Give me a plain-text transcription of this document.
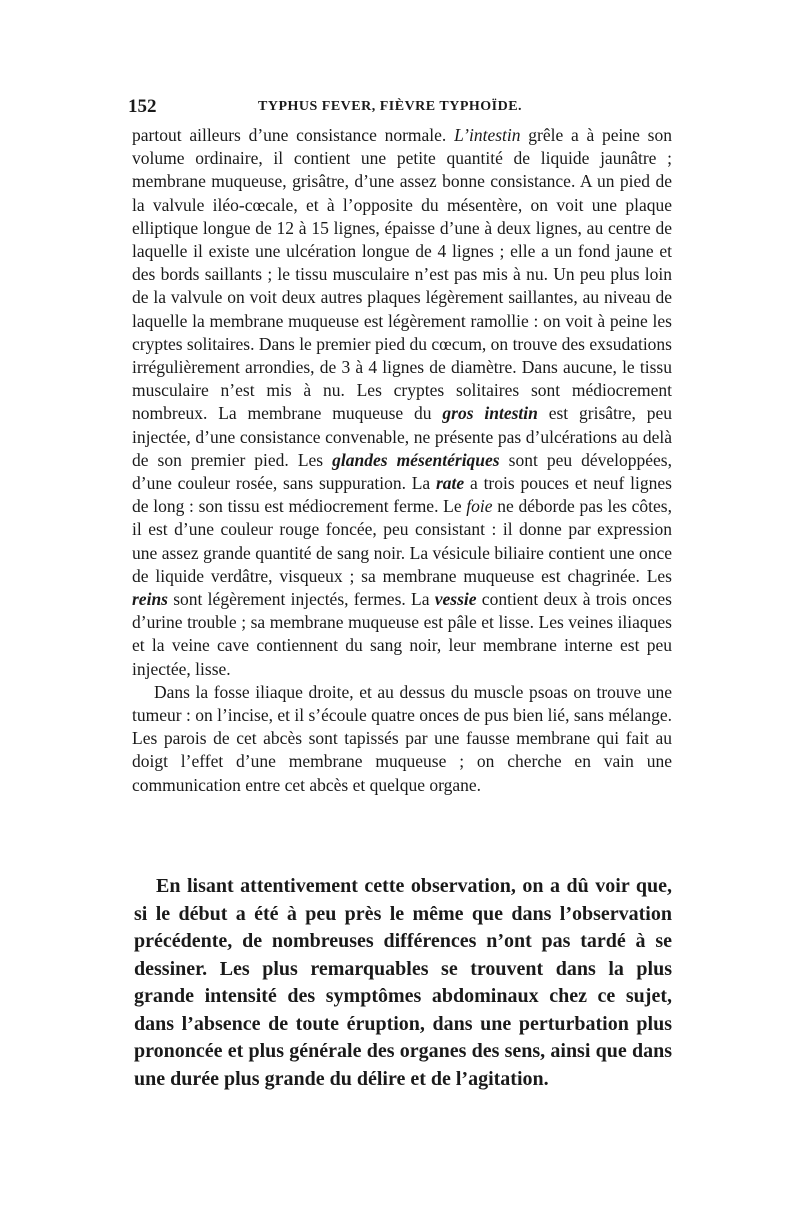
152	TYPHUS FEVER, FIÈVRE TYPHOÏDE.

partout ailleurs d’une consistance normale. L’intestin grêle a à peine son volume ordinaire, il contient une petite quantité de liquide jaunâtre ; membrane muqueuse, grisâtre, d’une assez bonne consistance. A un pied de la valvule iléo-cœcale, et à l’opposite du mésentère, on voit une plaque elliptique longue de 12 à 15 lignes, épaisse d’une à deux lignes, au centre de laquelle il existe une ulcération longue de 4 lignes ; elle a un fond jaune et des bords saillants ; le tissu musculaire n’est pas mis à nu. Un peu plus loin de la valvule on voit deux autres plaques légèrement saillantes, au niveau de laquelle la membrane muqueuse est légèrement ramollie : on voit à peine les cryptes solitaires. Dans le premier pied du cœcum, on trouve des exsudations irrégulièrement arrondies, de 3 à 4 lignes de diamètre. Dans aucune, le tissu musculaire n’est mis à nu. Les cryptes solitaires sont médiocrement nombreux. La membrane muqueuse du gros intestin est grisâtre, peu injectée, d’une consistance convenable, ne présente pas d’ulcérations au delà de son premier pied. Les glandes mésentériques sont peu développées, d’une couleur rosée, sans suppuration. La rate a trois pouces et neuf lignes de long : son tissu est médiocrement ferme. Le foie ne déborde pas les côtes, il est d’une couleur rouge foncée, peu consistant : il donne par expression une assez grande quantité de sang noir. La vésicule biliaire contient une once de liquide verdâtre, visqueux ; sa membrane muqueuse est chagrinée. Les reins sont légèrement injectés, fermes. La vessie contient deux à trois onces d’urine trouble ; sa membrane muqueuse est pâle et lisse. Les veines iliaques et la veine cave contiennent du sang noir, leur membrane interne est peu injectée, lisse.

Dans la fosse iliaque droite, et au dessus du muscle psoas on trouve une tumeur : on l’incise, et il s’écoule quatre onces de pus bien lié, sans mélange. Les parois de cet abcès sont tapissés par une fausse membrane qui fait au doigt l’effet d’une membrane muqueuse ; on cherche en vain une communication entre cet abcès et quelque organe.

En lisant attentivement cette observation, on a dû voir que, si le début a été à peu près le même que dans l’observation précédente, de nombreuses différences n’ont pas tardé à se dessiner. Les plus remarquables se trouvent dans la plus grande intensité des symptômes abdominaux chez ce sujet, dans l’absence de toute éruption, dans une perturbation plus prononcée et plus générale des organes des sens, ainsi que dans une durée plus grande du délire et de l’agitation.
